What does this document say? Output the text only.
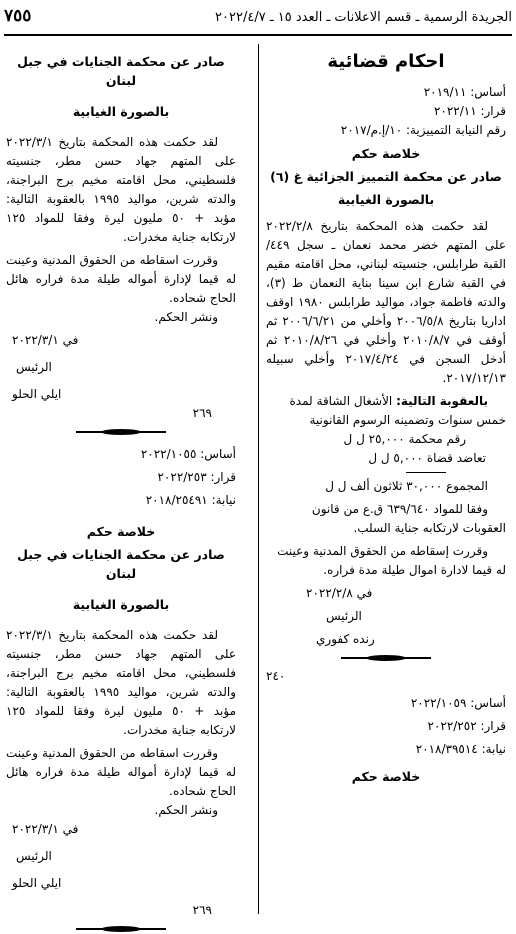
الجريدة الرسمية ـ قسم الاعلانات ـ العدد ١٥ ـ ٢٠٢٢/٤/٧
٧٥٥

احكام قضائية

أساس: ٢٠١٩/١١

قرار: ٢٠٢٢/١١

رقم النيابة التمييزية: ١٠/إ.م/٢٠١٧

خلاصة حكم

صادر عن محكمة التمييز الجزائية غ (٦)

بالصورة الغيابية

لقد حكمت هذه المحكمة بتاريخ ٢٠٢٢/٢/٨ على المتهم خضر محمد نعمان ـ سجل ٤٤٩/ القبة طرابلس، جنسيته لبناني، محل اقامته مقيم في القبة شارع ابن سينا بناية النعمان ط (٣)، والدته فاطمة جواد، مواليد طرابلس ١٩٨٠ اوقف اداريا بتاريخ ٢٠٠٦/٥/٨ وأخلي من ٢٠٠٦/٦/٢١ ثم أوقف في ٢٠١٠/٨/٧ وأخلي في ٢٠١٠/٨/٢٦ ثم أدخل السجن في ٢٠١٧/٤/٢٤ وأخلي سبيله ٢٠١٧/١٢/١٣.

بالعقوبة التالية: الأشغال الشاقة لمدة خمس سنوات وتضمينه الرسوم القانونية

رقم محكمة ٢٥,٠٠٠ ل ل

تعاضد قضاة ٥,٠٠٠ ل ل

المجموع ٣٠,٠٠٠ ثلاثون ألف ل ل

وفقا للمواد ٦٣٩/٦٤٠ ق.ع من قانون العقوبات لارتكابه جناية السلب.

وقررت إسقاطه من الحقوق المدنية وعينت له قيما لادارة اموال طيلة مدة فراره.

في ٢٠٢٢/٢/٨

الرئيس

رنده كفوري

٢٤٠

أساس: ٢٠٢٢/١٠٥٩

قرار: ٢٠٢٢/٢٥٢

نيابة: ٢٠١٨/٣٩٥١٤

خلاصة حكم

صادر عن محكمة الجنايات في جبل لبنان

بالصورة الغيابية

لقد حكمت هذه المحكمة بتاريخ ٢٠٢٢/٣/١ على المتهم جهاد حسن مطر، جنسيته فلسطيني، محل اقامته مخيم برج البراجنة، والدته شرين، مواليد ١٩٩٥ بالعقوبة التالية: مؤبد + ٥٠ مليون ليرة وفقا للمواد ١٢٥ لارتكابه جناية مخدرات.

وقررت اسقاطه من الحقوق المدنية وعينت له قيما لإدارة أمواله طيلة مدة فراره هائل الحاج شحاده.

ونشر الحكم.

في ٢٠٢٢/٣/١

الرئيس

ايلي الحلو

٢٦٩

أساس: ٢٠٢٢/١٠٥٥

قرار: ٢٠٢٢/٢٥٣

نيابة: ٢٠١٨/٢٥٤٩١

خلاصة حكم

صادر عن محكمة الجنايات في جبل لبنان

بالصورة الغيابية

لقد حكمت هذه المحكمة بتاريخ ٢٠٢٢/٣/١ على المتهم جهاد حسن مطر، جنسيته فلسطيني، محل اقامته مخيم برج البراجنة، والدته شرين، مواليد ١٩٩٥ بالعقوبة التالية: مؤبد + ٥٠ مليون ليرة وفقا للمواد ١٢٥ لارتكابه جناية مخدرات.

وقررت اسقاطه من الحقوق المدنية وعينت له قيما لإدارة أمواله طيلة مدة فراره هائل الحاج شحاده.

ونشر الحكم.

في ٢٠٢٢/٣/١

الرئيس

ايلي الحلو

٢٦٩
